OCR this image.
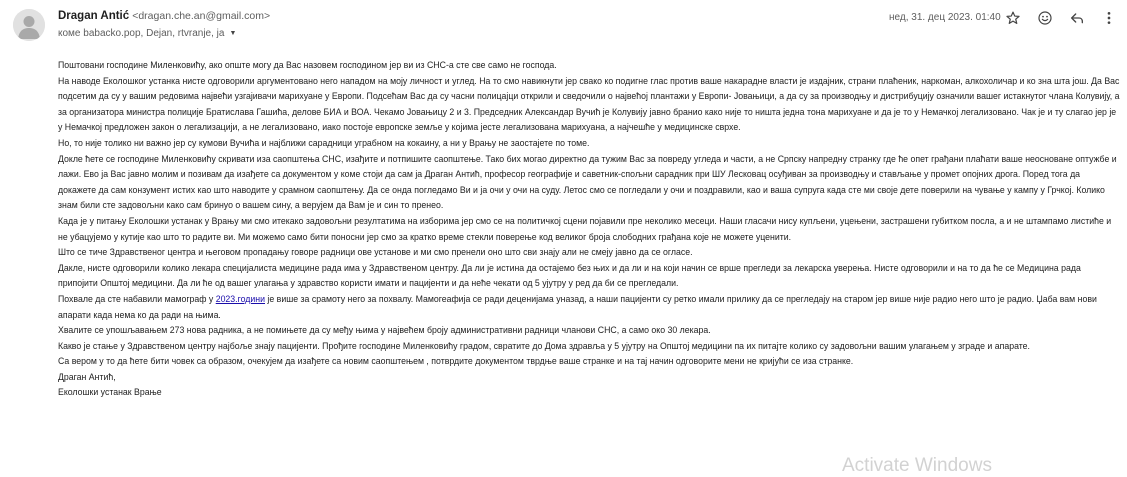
Dragan Antić <dragan.che.an@gmail.com>
коме babacko.pop, Dejan, rtvranje, ја ▼
нед, 31. дец 2023. 01:40

Поштовани господине Миленковићу, ако опште могу да Вас назовем господином јер ви из СНС-а сте све само не господа.

На наводе Еколошког устанка нисте одговорили аргументовано него нападом на моју личност и углед. На то смо навикнути јер свако ко подигне глас против ваше накарадне власти је издајник, страни плаћеник, наркоман, алкохоличар и ко зна шта још. Да Вас подсетим да су у вашим редовима највећи узгајивачи марихуане у Европи. Подсећам Вас да су часни полицајци открили и сведочили о највећој плантажи у Европи- Јовањици, а да су за производњу и дистрибуцију означили вашег истакнутог члана Колувију, а за организатора министра полиције Братислава Гашића, делове БИА и ВОА. Чекамо Јовањицу 2 и 3. Председник Александар Вучић је Колувију јавно бранио како није то ништа једна тона марихуане и да је то у Немачкој легализовано. Чак је и ту слагао јер је у Немачкој предложен закон о легализацији, а не легализовано, иако постоје европске земље у којима јесте легализована марихуана, а најчешће у медицинске сврхе.

Но, то није толико ни важно јер су кумови Вучића и најближи сарадници уграбном на кокаину, а ни у Врању не заостајете по томе.

Докле ћете се господине Миленковићу скривати иза саопштења СНС, изађите и потпишите саопштење. Тако бих могао директно да тужим Вас за повреду угледа и части, а не Српску напредну странку где ће опет грађани плаћати ваше неосноване оптужбе и лажи. Ево ја Вас јавно молим и позивам да изађете са документом у коме стоји да сам ја Драган Антић, професор географије и саветник-спољни сарадник при ШУ Лесковац осуђиван за производњу и стављање у промет опојних дрога. Поред тога да докажете да сам конзумент истих као што наводите у срамном саопштењу. Да се онда погледамо Ви и ја очи у очи на суду. Летос смо се погледали у очи и поздравили, као и ваша супруга када сте ми своје дете поверили на чување у кампу у Грчкој. Колико знам били сте задовољни како сам бринуо о вашем сину, а верујем да Вам је и син то пренео.

Када је у питању Еколошки устанак у Врању ми смо итекако задовољни резултатима на изборима јер смо се на политичкој сцени појавили пре неколико месеци. Наши гласачи нису купљени, уцењени, застрашени губитком посла, а и не штампамо листиће и не убацујемо у кутије као што то радите ви. Ми можемо само бити поносни јер смо за кратко време стекли поверење код великог броја слободних грађана које не можете уценити.

Што се тиче Здравственог центра и његовом пропадању говоре радници ове установе и ми смо пренели оно што сви знају али не смеју јавно да се огласе.

Дакле, нисте одговорили колико лекара специјалиста медицине рада има у Здравственом центру. Да ли је истина да остајемо без њих и да ли и на који начин се врше прегледи за лекарска уверења. Нисте одговорили и на то да ће се Медицина рада припојити Општој медицини. Да ли ће од вашег улагања у здравство користи имати и пацијенти и да неће чекати од 5 ујутру у ред да би се прегледали.

Похвале да сте набавили мамограф у 2023.години је више за срамоту него за похвалу. Мамогеафија се ради деценијама уназад, а наши пацијенти су ретко имали прилику да се прегледају на старом јер више није радио него што је радио. Џаба вам нови апарати када нема ко да ради на њима.

Хвалите се упошљавањем 273 нова радника, а не помињете да су међу њима у највећем броју административни радници чланови СНС, а само око 30 лекара.

Какво је стање у Здравственом центру најбоље знају пацијенти. Прођите господине Миленковићу градом, свратите до Дома здравља у 5 ујутру на Општој медицини па их питајте колико су задовољни вашим улагањем у зграде и апарате.

Са вером у то да ћете бити човек са образом, очекујем да изађете са новим саопштењем , потврдите документом тврдње ваше странке и на тај начин одговорите мени не кријући се иза странке.

Драган Антић,

Еколошки устанак Врање

Activate Windows
